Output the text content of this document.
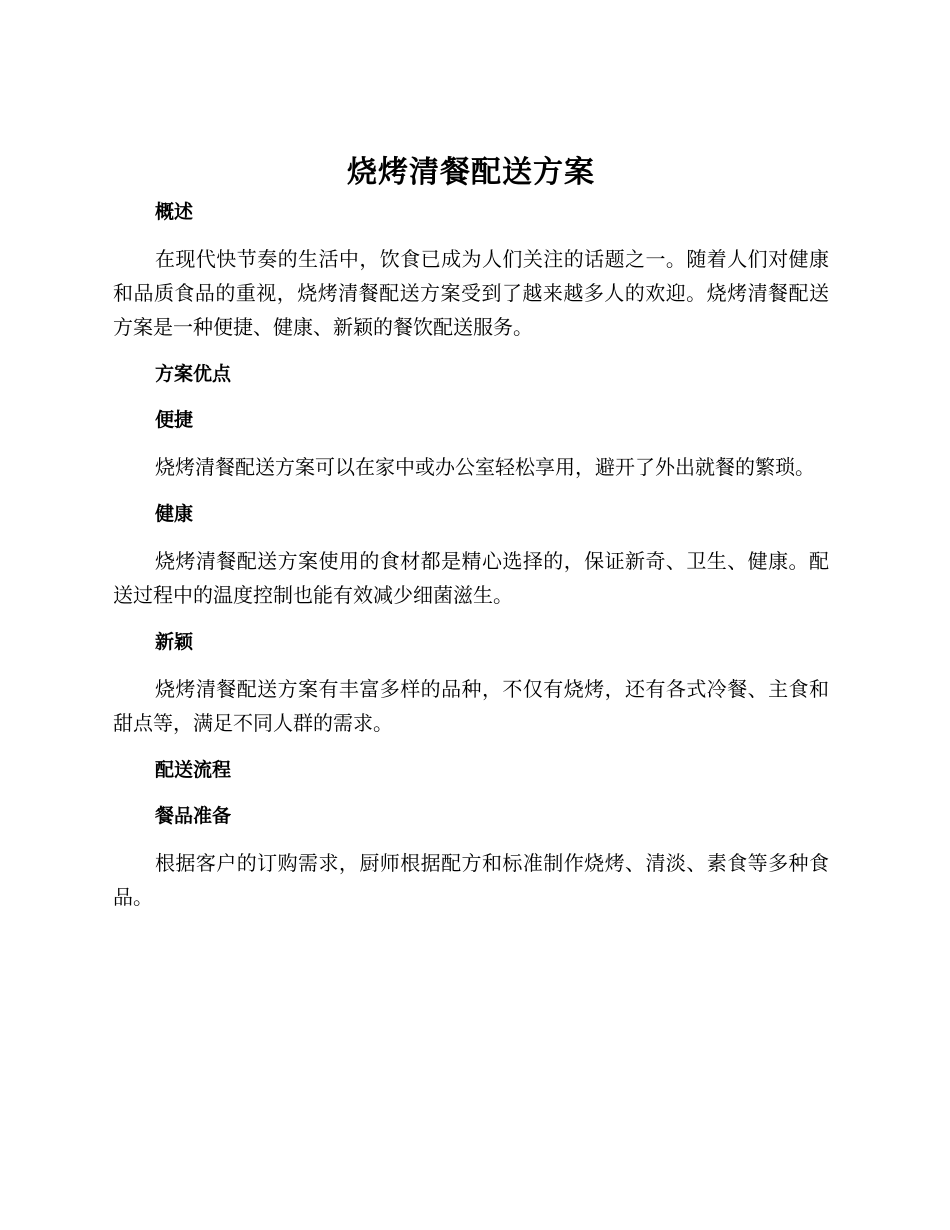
烧烤清餐配送方案
概述

在现代快节奏的生活中，饮食已成为人们关注的话题之一。随着人们对健康和品质食品的重视，烧烤清餐配送方案受到了越来越多人的欢迎。烧烤清餐配送方案是一种便捷、健康、新颖的餐饮配送服务。

方案优点
便捷

烧烤清餐配送方案可以在家中或办公室轻松享用，避开了外出就餐的繁琐。

健康

烧烤清餐配送方案使用的食材都是精心选择的，保证新奇、卫生、健康。配送过程中的温度控制也能有效减少细菌滋生。

新颖

烧烤清餐配送方案有丰富多样的品种，不仅有烧烤，还有各式冷餐、主食和甜点等，满足不同人群的需求。

配送流程
餐品准备

根据客户的订购需求，厨师根据配方和标准制作烧烤、清淡、素食等多种食品。
